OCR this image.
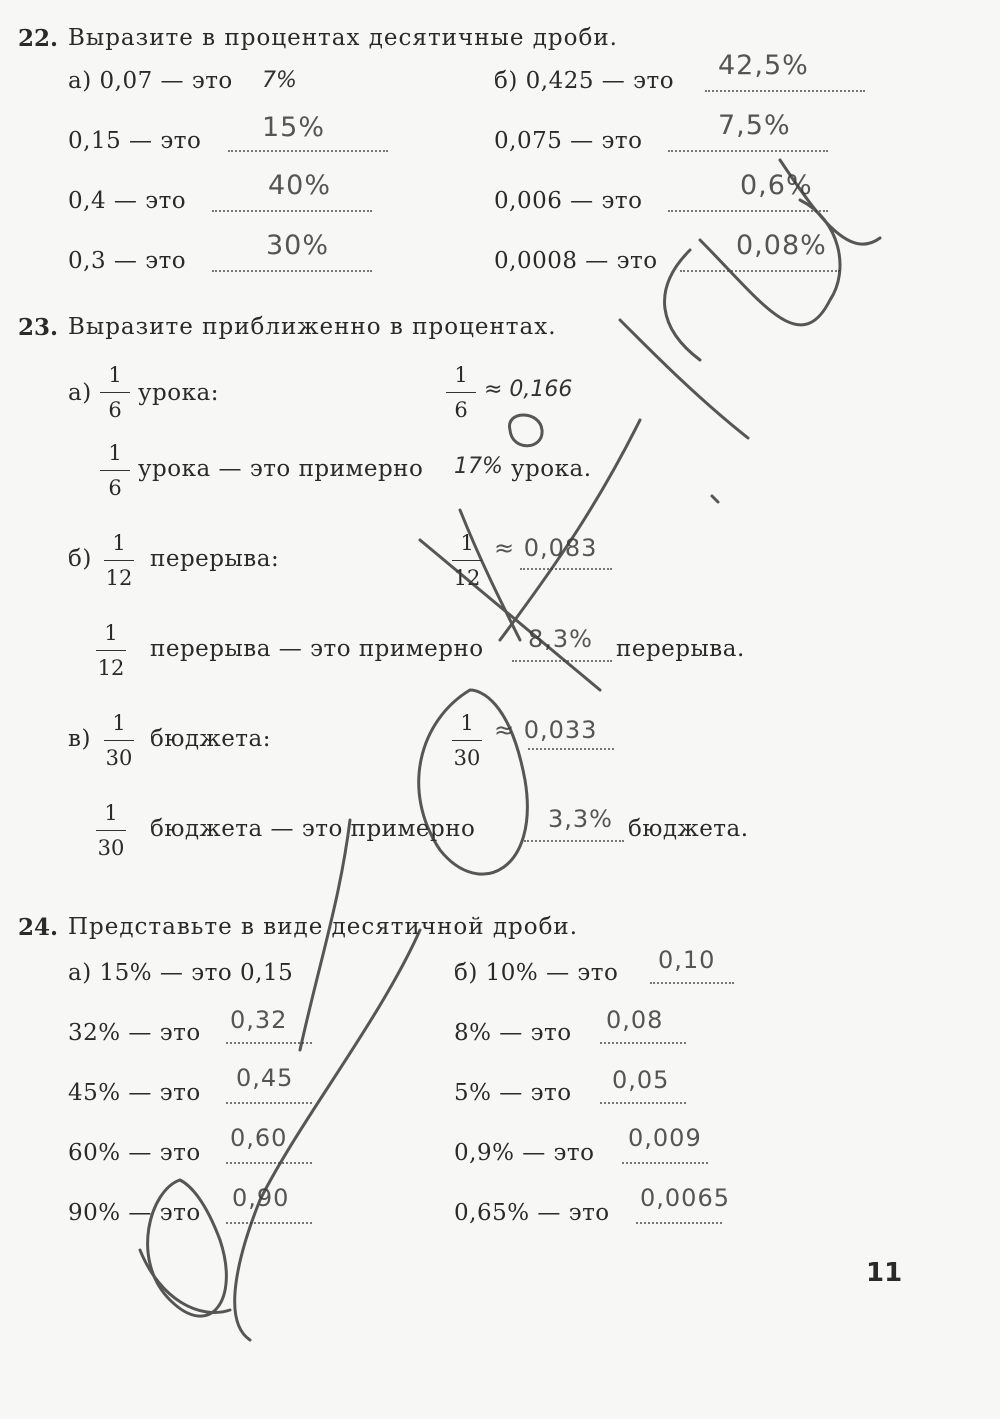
22. Выразите в процентах десятичные дроби.
а) 0,07 — это 7%
0,15 — это 15%
0,4 — это	40%
0,3 — это	30%
б) 0,425 — это 42,5%
0,075 — это	7,5%
0,006 — это	0,6%
0,0008 — это	0,08%
23. Выразите приближенно в процентах.
а)
1
6
урока:
1
6
≈ 0,166
1
6
урока — это примерно 17% урока.
б)
1
12
перерыва:
1
12
≈ 0,083
1
12
перерыва — это примерно 8,3% перерыва.
в)
1
30
бюджета:
1
30
≈ 0,033
1
30
бюджета — это примерно	3,3% бюджета.
24. Представьте в виде десятичной дроби.
а) 15% — это 0,15
32% — это 0,32
45% — это
0,45
60% — это
0,60
90% — это
0,90
б) 10% — это 0,10
8% — это 0,08
5% — это 0,05
0,9% — это
0,009
0,65% — это
0,0065
11
